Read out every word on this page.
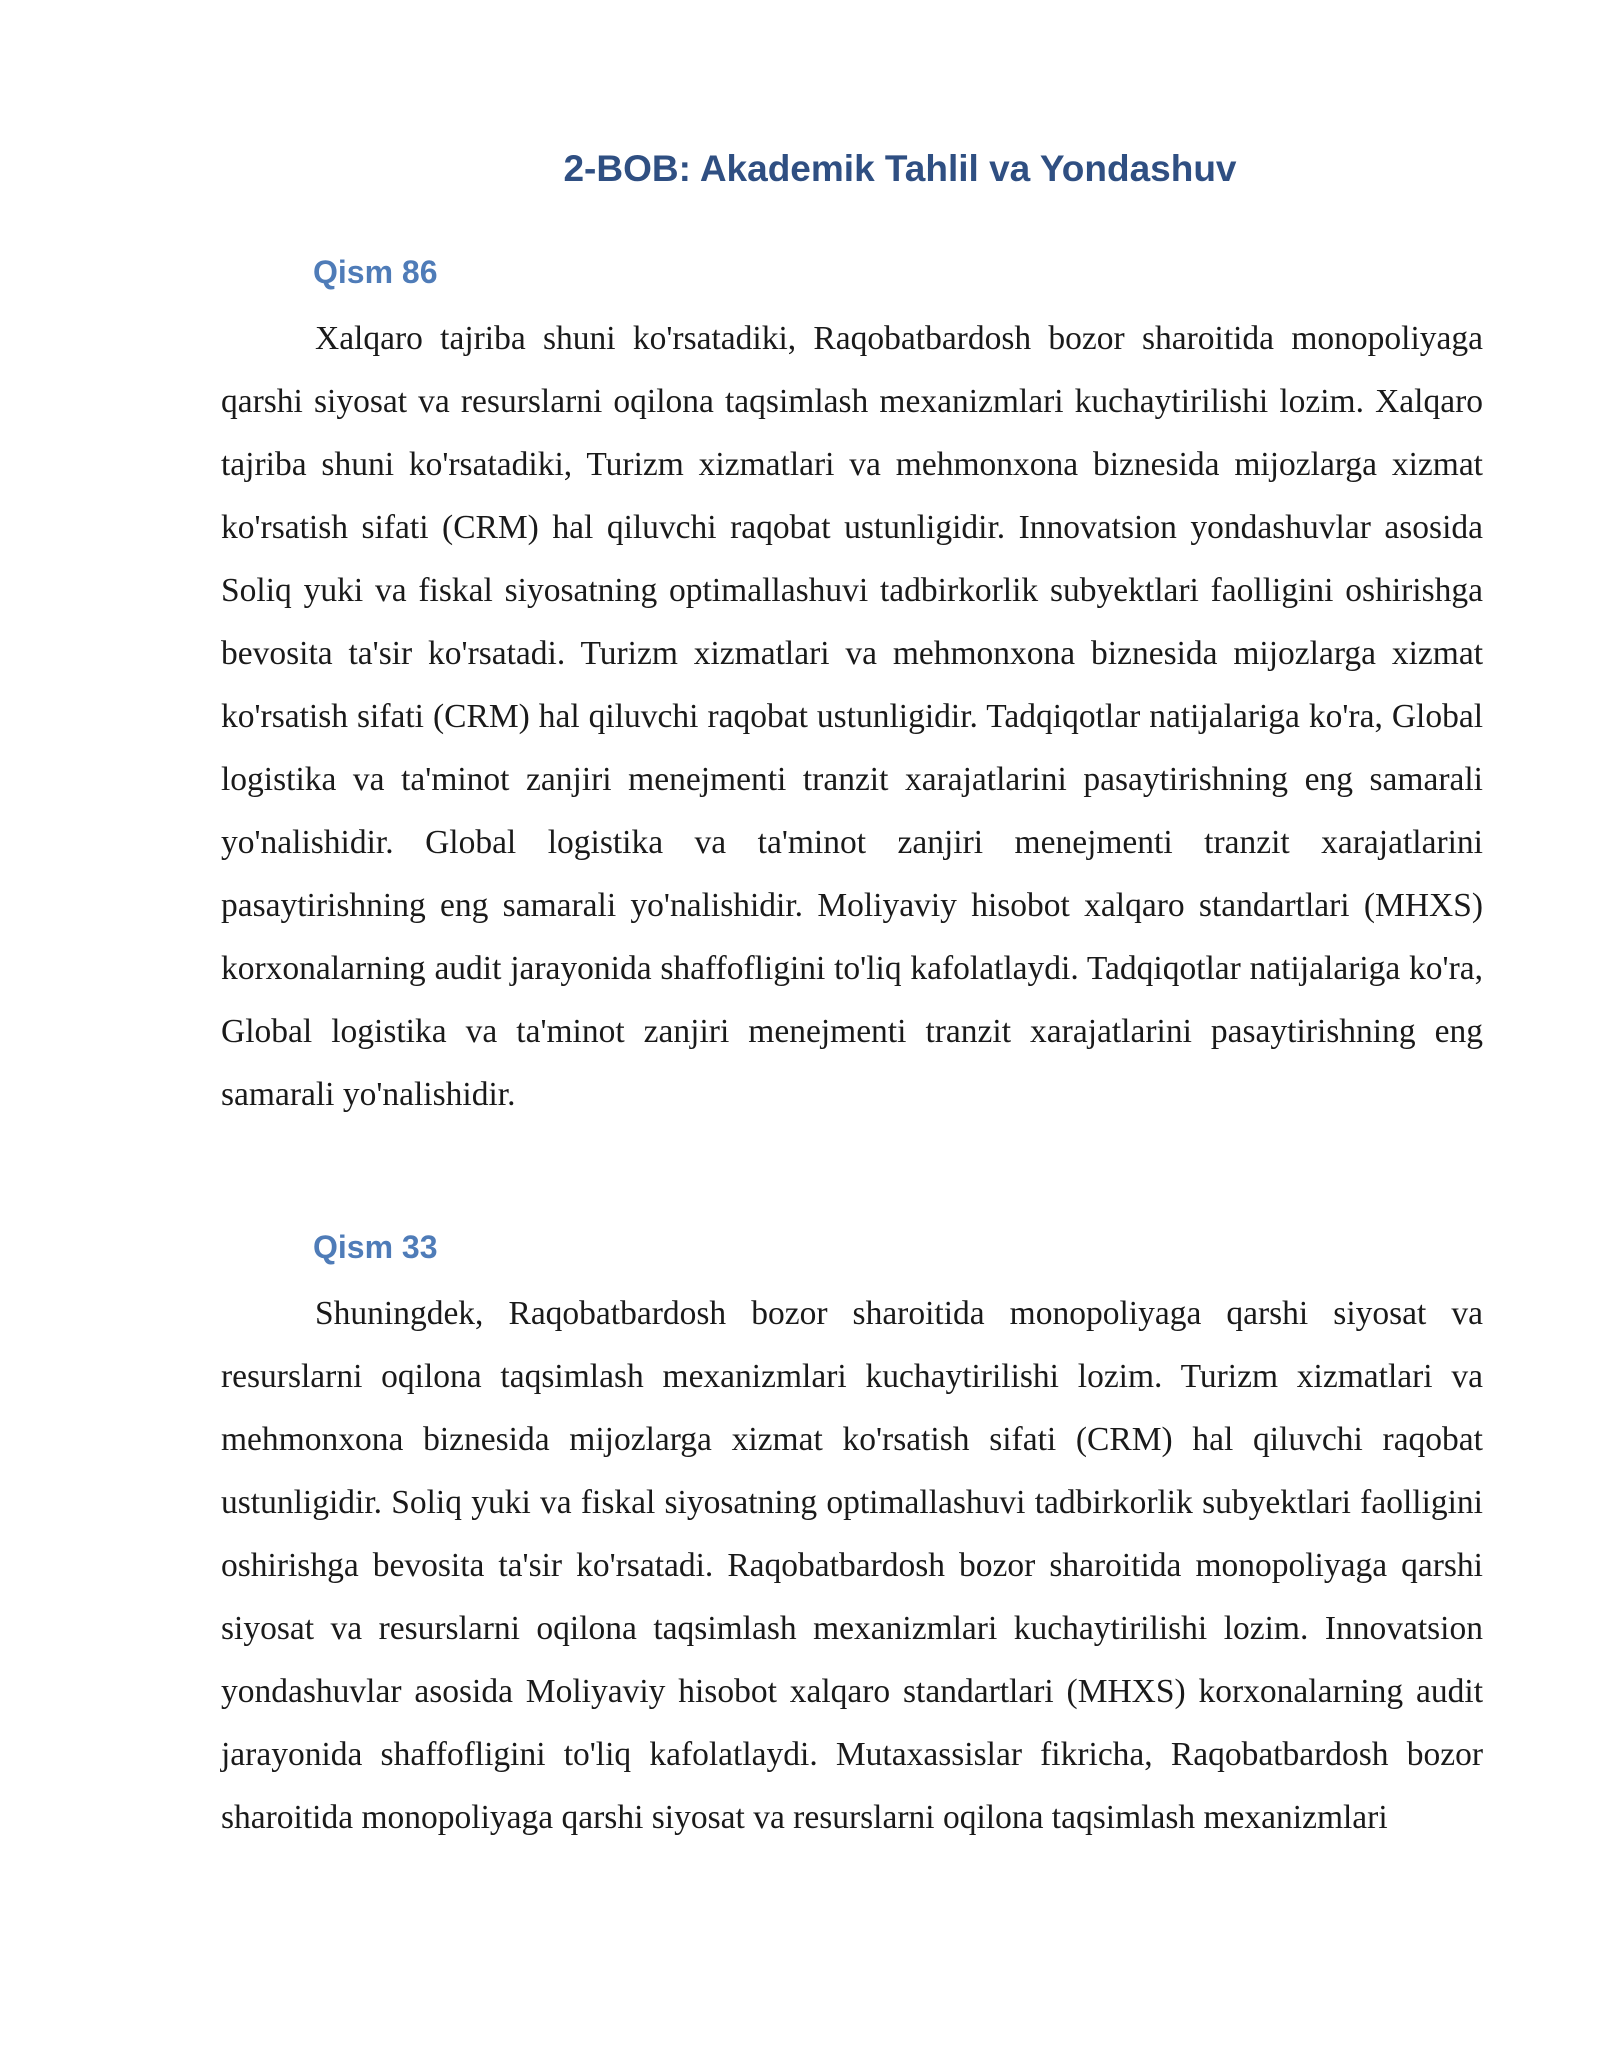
2-BOB: Akademik Tahlil va Yondashuv
Qism 86

Xalqaro tajriba shuni ko'rsatadiki, Raqobatbardosh bozor sharoitida monopoliyaga qarshi siyosat va resurslarni oqilona taqsimlash mexanizmlari kuchaytirilishi lozim. Xalqaro tajriba shuni ko'rsatadiki, Turizm xizmatlari va mehmonxona biznesida mijozlarga xizmat ko'rsatish sifati (CRM) hal qiluvchi raqobat ustunligidir. Innovatsion yondashuvlar asosida Soliq yuki va fiskal siyosatning optimallashuvi tadbirkorlik subyektlari faolligini oshirishga bevosita ta'sir ko'rsatadi. Turizm xizmatlari va mehmonxona biznesida mijozlarga xizmat ko'rsatish sifati (CRM) hal qiluvchi raqobat ustunligidir. Tadqiqotlar natijalariga ko'ra, Global logistika va ta'minot zanjiri menejmenti tranzit xarajatlarini pasaytirishning eng samarali yo'nalishidir. Global logistika va ta'minot zanjiri menejmenti tranzit xarajatlarini pasaytirishning eng samarali yo'nalishidir. Moliyaviy hisobot xalqaro standartlari (MHXS) korxonalarning audit jarayonida shaffofligini to'liq kafolatlaydi. Tadqiqotlar natijalariga ko'ra, Global logistika va ta'minot zanjiri menejmenti tranzit xarajatlarini pasaytirishning eng samarali yo'nalishidir.

Qism 33

Shuningdek, Raqobatbardosh bozor sharoitida monopoliyaga qarshi siyosat va resurslarni oqilona taqsimlash mexanizmlari kuchaytirilishi lozim. Turizm xizmatlari va mehmonxona biznesida mijozlarga xizmat ko'rsatish sifati (CRM) hal qiluvchi raqobat ustunligidir. Soliq yuki va fiskal siyosatning optimallashuvi tadbirkorlik subyektlari faolligini oshirishga bevosita ta'sir ko'rsatadi. Raqobatbardosh bozor sharoitida monopoliyaga qarshi siyosat va resurslarni oqilona taqsimlash mexanizmlari kuchaytirilishi lozim. Innovatsion yondashuvlar asosida Moliyaviy hisobot xalqaro standartlari (MHXS) korxonalarning audit jarayonida shaffofligini to'liq kafolatlaydi. Mutaxassislar fikricha, Raqobatbardosh bozor sharoitida monopoliyaga qarshi siyosat va resurslarni oqilona taqsimlash mexanizmlari
